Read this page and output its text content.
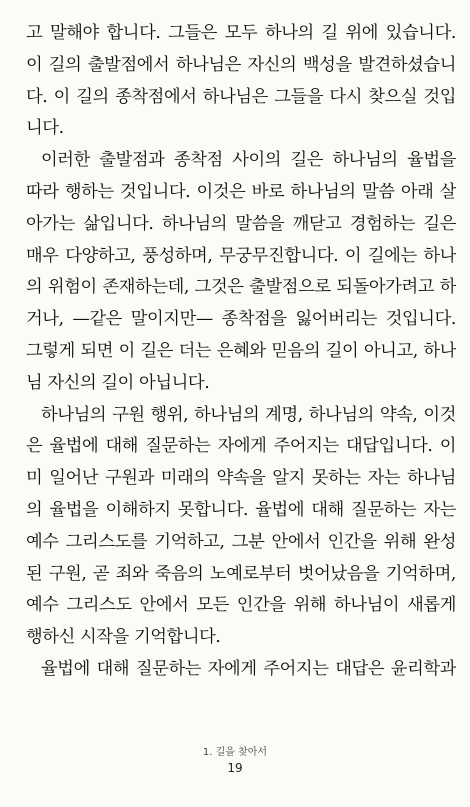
고 말해야 합니다. 그들은 모두 하나의 길 위에 있습니다.
이 길의 출발점에서 하나님은 자신의 백성을 발견하셨습니
다. 이 길의 종착점에서 하나님은 그들을 다시 찾으실 것입
니다.
이러한 출발점과 종착점 사이의 길은 하나님의 율법을
따라 행하는 것입니다. 이것은 바로 하나님의 말씀 아래 살
아가는 삶입니다. 하나님의 말씀을 깨닫고 경험하는 길은
매우 다양하고, 풍성하며, 무궁무진합니다. 이 길에는 하나
의 위험이 존재하는데, 그것은 출발점으로 되돌아가려고 하
거나, —같은 말이지만— 종착점을 잃어버리는 것입니다.
그렇게 되면 이 길은 더는 은혜와 믿음의 길이 아니고, 하나
님 자신의 길이 아닙니다.
하나님의 구원 행위, 하나님의 계명, 하나님의 약속, 이것
은 율법에 대해 질문하는 자에게 주어지는 대답입니다. 이
미 일어난 구원과 미래의 약속을 알지 못하는 자는 하나님
의 율법을 이해하지 못합니다. 율법에 대해 질문하는 자는
예수 그리스도를 기억하고, 그분 안에서 인간을 위해 완성
된 구원, 곧 죄와 죽음의 노예로부터 벗어났음을 기억하며,
예수 그리스도 안에서 모든 인간을 위해 하나님이 새롭게
행하신 시작을 기억합니다.
율법에 대해 질문하는 자에게 주어지는 대답은 윤리학과
1. 길을 찾아서
19
